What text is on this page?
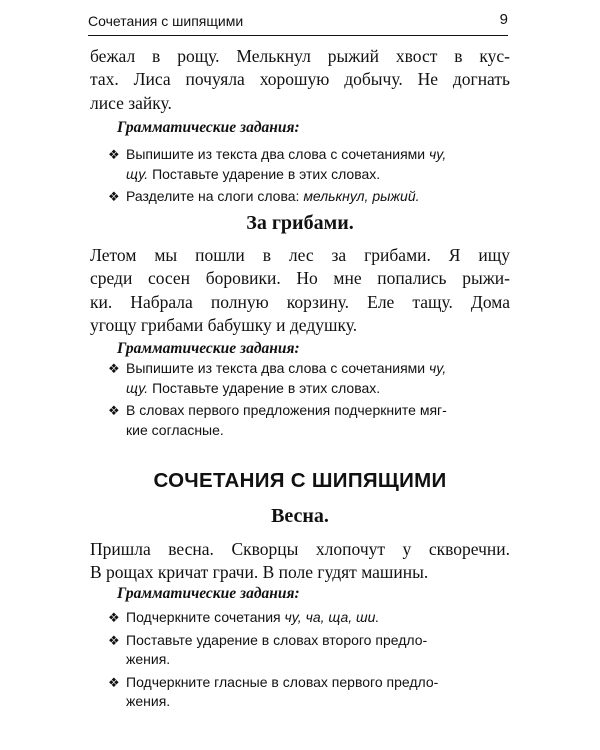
Сочетания с шипящими	9

бежал в рощу. Мелькнул рыжий хвост в кус-
тах. Лиса почуяла хорошую добычу. Не догнать
лисе зайку.

Грамматические задания:

❖ Выпишите из текста два слова с сочетаниями чу,
щу. Поставьте ударение в этих словах.
❖ Разделите на слоги слова: мелькнул, рыжий.
За грибами.

Летом мы пошли в лес за грибами. Я ищу
среди сосен боровики. Но мне попались рыжи-
ки. Набрала полную корзину. Еле тащу. Дома
угощу грибами бабушку и дедушку.

Грамматические задания:

❖ Выпишите из текста два слова с сочетаниями чу,
щу. Поставьте ударение в этих словах.
❖ В словах первого предложения подчеркните мяг-
кие согласные.
СОЧЕТАНИЯ С ШИПЯЩИМИ
Весна.

Пришла весна. Скворцы хлопочут у скворечни.
В рощах кричат грачи. В поле гудят машины.

Грамматические задания:

❖ Подчеркните сочетания чу, ча, ща, ши.
❖ Поставьте ударение в словах второго предло-
жения.
❖ Подчеркните гласные в словах первого предло-
жения.
